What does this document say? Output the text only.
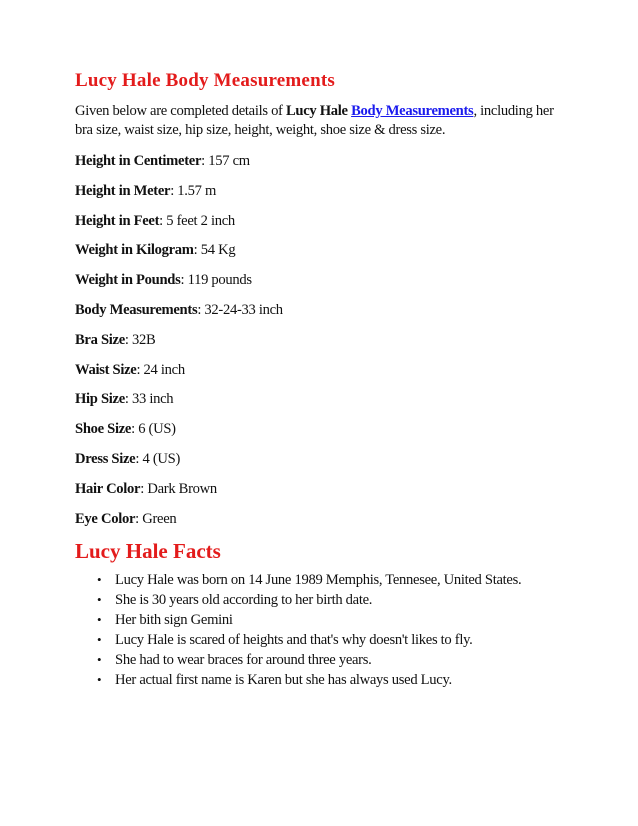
Lucy Hale Body Measurements

Given below are completed details of Lucy Hale Body Measurements, including her bra size, waist size, hip size, height, weight, shoe size & dress size.

Height in Centimeter: 157 cm

Height in Meter: 1.57 m

Height in Feet: 5 feet 2 inch

Weight in Kilogram: 54 Kg

Weight in Pounds: 119 pounds

Body Measurements: 32-24-33 inch

Bra Size: 32B

Waist Size: 24 inch

Hip Size: 33 inch

Shoe Size: 6 (US)

Dress Size: 4 (US)

Hair Color: Dark Brown

Eye Color: Green

Lucy Hale Facts
• Lucy Hale was born on 14 June 1989 Memphis, Tennesee, United States.
• She is 30 years old according to her birth date.
• Her bith sign Gemini
• Lucy Hale is scared of heights and that's why doesn't likes to fly.
• She had to wear braces for around three years.
• Her actual first name is Karen but she has always used Lucy.
